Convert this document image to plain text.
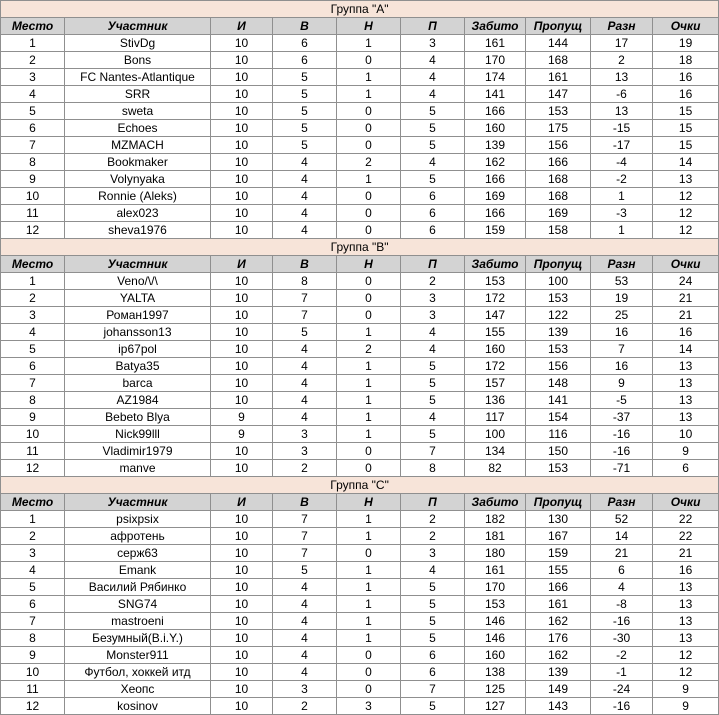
Группа "А"									
Место	Участник	И	В	Н	П	Забито	Пропущ	Разн	Очки
1	StivDg	10	6	1	3	161	144	17	19
2	Bons	10	6	0	4	170	168	2	18
3	FC Nantes-Atlantique	10	5	1	4	174	161	13	16
4	SRR	10	5	1	4	141	147	-6	16
5	sweta	10	5	0	5	166	153	13	15
6	Echoes	10	5	0	5	160	175	-15	15
7	MZMACH	10	5	0	5	139	156	-17	15
8	Bookmaker	10	4	2	4	162	166	-4	14
9	Volynyaka	10	4	1	5	166	168	-2	13
10	Ronnie (Aleks)	10	4	0	6	169	168	1	12
11	alex023	10	4	0	6	166	169	-3	12
12	sheva1976	10	4	0	6	159	158	1	12
Группа "В"									
Место	Участник	И	В	Н	П	Забито	Пропущ	Разн	Очки
1	Veno/\/\	10	8	0	2	153	100	53	24
2	YALTA	10	7	0	3	172	153	19	21
3	Роман1997	10	7	0	3	147	122	25	21
4	johansson13	10	5	1	4	155	139	16	16
5	ip67pol	10	4	2	4	160	153	7	14
6	Batya35	10	4	1	5	172	156	16	13
7	barca	10	4	1	5	157	148	9	13
8	AZ1984	10	4	1	5	136	141	-5	13
9	Bebeto Blya	9	4	1	4	117	154	-37	13
10	Nick99lll	9	3	1	5	100	116	-16	10
11	Vladimir1979	10	3	0	7	134	150	-16	9
12	manve	10	2	0	8	82	153	-71	6
Группа "С"									
Место	Участник	И	В	Н	П	Забито	Пропущ	Разн	Очки
1	psixpsix	10	7	1	2	182	130	52	22
2	афротень	10	7	1	2	181	167	14	22
3	серж63	10	7	0	3	180	159	21	21
4	Emank	10	5	1	4	161	155	6	16
5	Василий Рябинко	10	4	1	5	170	166	4	13
6	SNG74	10	4	1	5	153	161	-8	13
7	mastroeni	10	4	1	5	146	162	-16	13
8	Безумный(B.i.Y.)	10	4	1	5	146	176	-30	13
9	Monster911	10	4	0	6	160	162	-2	12
10	Футбол, хоккей итд	10	4	0	6	138	139	-1	12
11	Хеопс	10	3	0	7	125	149	-24	9
12	kosinov	10	2	3	5	127	143	-16	9
